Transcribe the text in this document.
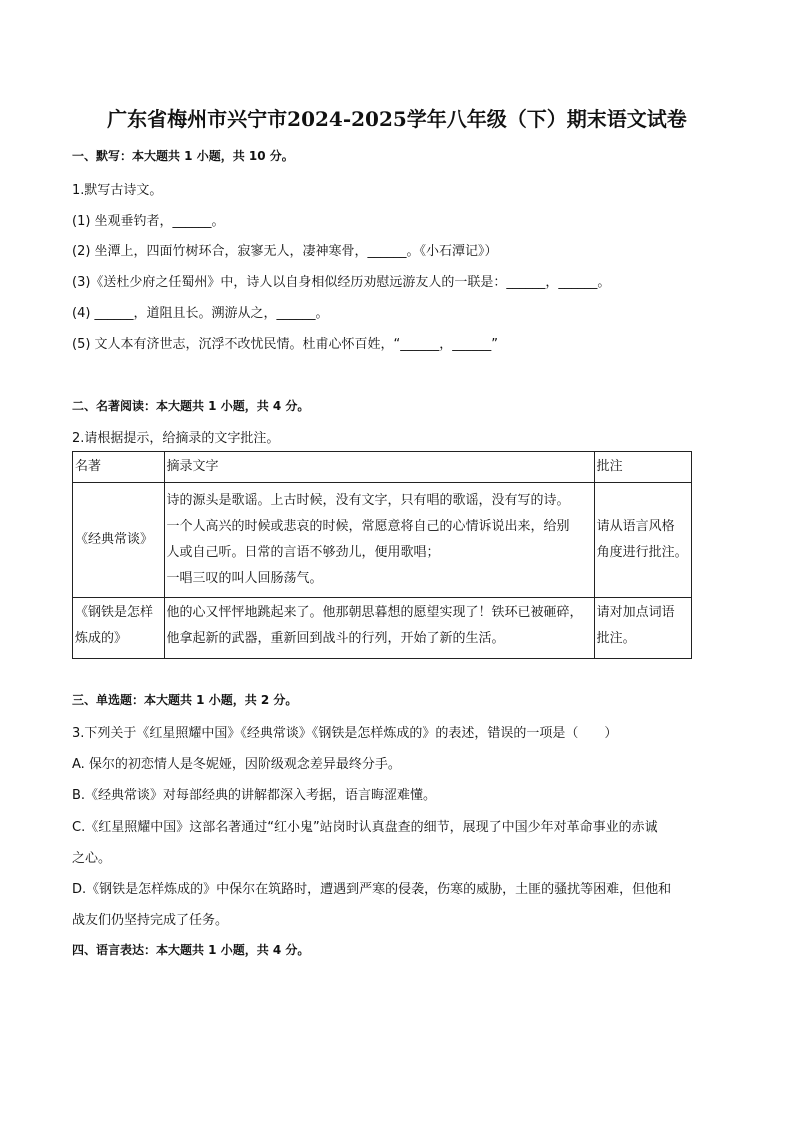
广东省梅州市兴宁市2024-2025学年八年级（下）期末语文试卷
一、默写：本大题共 1 小题，共 10 分。
1.默写古诗文。
(1) 坐观垂钓者，______。
(2) 坐潭上，四面竹树环合，寂寥无人，凄神寒骨，______。《小石潭记》）
(3)《送杜少府之任蜀州》中，诗人以自身相似经历劝慰远游友人的一联是：______，______。
(4) ______，道阻且长。溯游从之，______。
(5) 文人本有济世志，沉浮不改忧民情。杜甫心怀百姓，“______，______”
二、名著阅读：本大题共 1 小题，共 4 分。
2.请根据提示，给摘录的文字批注。
名著	摘录文字	批注
《经典常谈》	诗的源头是歌谣。上古时候，没有文字，只有唱的歌谣，没有写的诗。
一个人高兴的时候或悲哀的时候，常愿意将自己的心情诉说出来，给别
人或自己听。日常的言语不够劲儿，便用歌唱；
一唱三叹的叫人回肠荡气。	请从语言风格
角度进行批注。

《钢铁是怎样
炼成的》	他的心又怦怦地跳起来了。他那朝思暮想的愿望实现了！铁环已被砸碎，
他拿起新的武器，重新回到战斗的行列，开始了新的生活。	请对加点词语
批注。
三、单选题：本大题共 1 小题，共 2 分。
3.下列关于《红星照耀中国》《经典常谈》《钢铁是怎样炼成的》的表述，错误的一项是（　　）
A. 保尔的初恋情人是冬妮娅，因阶级观念差异最终分手。
B.《经典常谈》对每部经典的讲解都深入考据，语言晦涩难懂。
C.《红星照耀中国》这部名著通过“红小鬼”站岗时认真盘查的细节，展现了中国少年对革命事业的赤诚
之心。
D.《钢铁是怎样炼成的》中保尔在筑路时，遭遇到严寒的侵袭，伤寒的威胁，土匪的骚扰等困难，但他和
战友们仍坚持完成了任务。
四、语言表达：本大题共 1 小题，共 4 分。
